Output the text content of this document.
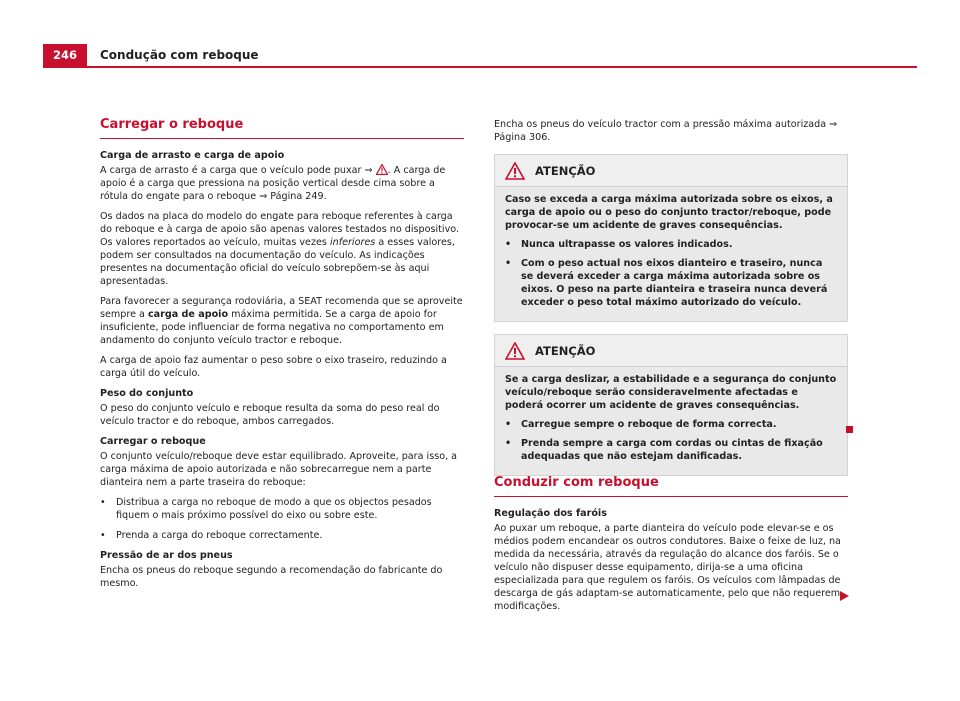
246	Condução com reboque
Carregar o reboque

Carga de arrasto e carga de apoio

A carga de arrasto é a carga que o veículo pode puxar ⇒ . A carga de apoio é a carga que pressiona na posição vertical desde cima sobre a rótula do engate para o reboque ⇒ Página 249.

Os dados na placa do modelo do engate para reboque referentes à carga do reboque e à carga de apoio são apenas valores testados no dispositivo. Os valores reportados ao veículo, muitas vezes inferiores a esses valores, podem ser consultados na documentação do veículo. As indicações presentes na documentação oficial do veículo sobrepõem-se às aqui apresentadas.

Para favorecer a segurança rodoviária, a SEAT recomenda que se aproveite sempre a carga de apoio máxima permitida. Se a carga de apoio for insuficiente, pode influenciar de forma negativa no comportamento em andamento do conjunto veículo tractor e reboque.

A carga de apoio faz aumentar o peso sobre o eixo traseiro, reduzindo a carga útil do veículo.

Peso do conjunto

O peso do conjunto veículo e reboque resulta da soma do peso real do veículo tractor e do reboque, ambos carregados.

Carregar o reboque

O conjunto veículo/reboque deve estar equilibrado. Aproveite, para isso, a carga máxima de apoio autorizada e não sobrecarregue nem a parte dianteira nem a parte traseira do reboque:

• Distribua a carga no reboque de modo a que os objectos pesados fiquem o mais próximo possível do eixo ou sobre este.
• Prenda a carga do reboque correctamente.

Pressão de ar dos pneus

Encha os pneus do reboque segundo a recomendação do fabricante do mesmo.

Encha os pneus do veículo tractor com a pressão máxima autorizada ⇒ Página 306.

ATENÇÃO

Caso se exceda a carga máxima autorizada sobre os eixos, a carga de apoio ou o peso do conjunto tractor/reboque, pode provocar-se um acidente de graves consequências.

• Nunca ultrapasse os valores indicados.
• Com o peso actual nos eixos dianteiro e traseiro, nunca se deverá exceder a carga máxima autorizada sobre os eixos. O peso na parte dianteira e traseira nunca deverá exceder o peso total máximo autorizado do veículo.
ATENÇÃO

Se a carga deslizar, a estabilidade e a segurança do conjunto veículo/reboque serão consideravelmente afectadas e poderá ocorrer um acidente de graves consequências.

• Carregue sempre o reboque de forma correcta.
• Prenda sempre a carga com cordas ou cintas de fixação adequadas que não estejam danificadas.
Conduzir com reboque

Regulação dos faróis

Ao puxar um reboque, a parte dianteira do veículo pode elevar-se e os médios podem encandear os outros condutores. Baixe o feixe de luz, na medida da necessária, através da regulação do alcance dos faróis. Se o veículo não dispuser desse equipamento, dirija-se a uma oficina especializada para que regulem os faróis. Os veículos com lâmpadas de descarga de gás adaptam-se automaticamente, pelo que não requerem modificações.
